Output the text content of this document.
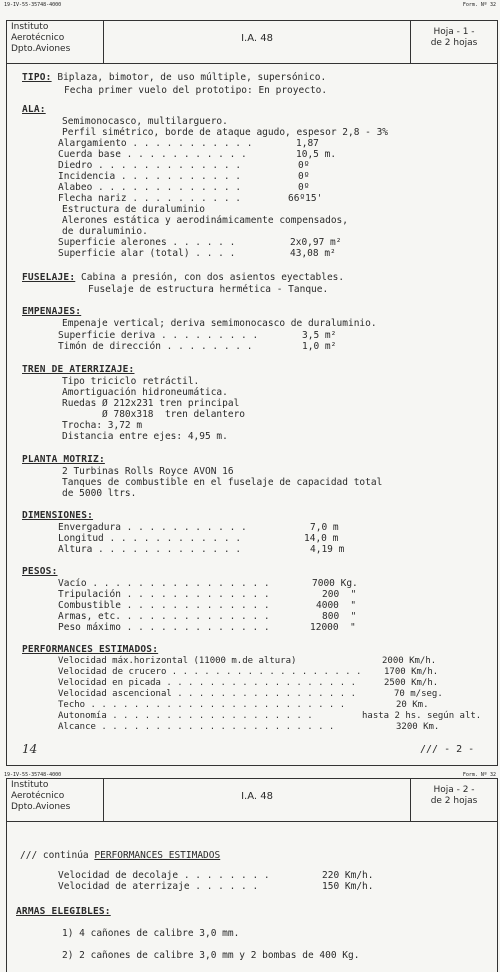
19-IV-55-35748-4000	Form. Nº 32
Instituto
Aerotécnico
Dpto.Aviones
I.A. 48
Hoja - 1 -
de 2 hojas
TIPO: Biplaza, bimotor, de uso múltiple, supersónico.
Fecha primer vuelo del prototipo: En proyecto.
ALA:
Semimonocasco, multilarguero.
Perfil simétrico, borde de ataque agudo, espesor 2,8 - 3%
Alargamiento . . . . . . . . . . .	1,87
Cuerda base . . . . . . . . . . .	10,5 m.
Diedro . . . . . . . . . . . . .	0º
Incidencia . . . . . . . . . . .	0º
Alabeo . . . . . . . . . . . . .	0º
Flecha nariz . . . . . . . . . .	66º15'
Estructura de duraluminio
Alerones estática y aerodinámicamente compensados,
de duraluminio.
Superficie alerones . . . . . .	2x0,97 m²
Superficie alar (total) . . . .	43,08 m²
FUSELAJE: Cabina a presión, con dos asientos eyectables.
Fuselaje de estructura hermética - Tanque.
EMPENAJES:
Empenaje vertical; deriva semimonocasco de duraluminio.
Superficie deriva . . . . . . . . .	3,5 m²
Timón de dirección . . . . . . . .	1,0 m²
TREN DE ATERRIZAJE:
Tipo triciclo retráctil.
Amortiguación hidroneumática.
Ruedas Ø 212x231 tren principal
Ø 780x318  tren delantero
Trocha: 3,72 m
Distancia entre ejes: 4,95 m.
PLANTA MOTRIZ:
2 Turbinas Rolls Royce AVON 16
Tanques de combustible en el fuselaje de capacidad total
de 5000 ltrs.
DIMENSIONES:
Envergadura . . . . . . . . . . .	7,0 m
Longitud . . . . . . . . . . . .	14,0 m
Altura . . . . . . . . . . . . .	4,19 m
PESOS:
Vacío . . . . . . . . . . . . . . . .	7000 Kg.
Tripulación . . . . . . . . . . . . .	200  "
Combustible . . . . . . . . . . . . .	4000  "
Armas, etc. . . . . . . . . . . . . .	800  "
Peso máximo . . . . . . . . . . . . .	12000  "
PERFORMANCES ESTIMADOS:
Velocidad máx.horizontal (11000 m.de altura)	2000 Km/h.
Velocidad de crucero . . . . . . . . . . . . . . . . . .	1700 Km/h.
Velocidad en picada . . . . . . . . . . . . . . . . . .	2500 Km/h.
Velocidad ascencional . . . . . . . . . . . . . . . . .	70 m/seg.
Techo . . . . . . . . . . . . . . . . . . . . . . . .	20 Km.
Autonomía . . . . . . . . . . . . . . . . . . .	hasta 2 hs. según alt.
Alcance . . . . . . . . . . . . . . . . . . . . . .	3200 Km.
14	/// - 2 -
19-IV-55-35748-4000	Form. Nº 32
Instituto
Aerotécnico
Dpto.Aviones
I.A. 48
Hoja - 2 -
de 2 hojas
/// continúa PERFORMANCES ESTIMADOS
Velocidad de decolaje . . . . . . . .	220 Km/h.
Velocidad de aterrizaje . . . . . .	150 Km/h.
ARMAS ELEGIBLES:
1) 4 cañones de calibre 3,0 mm.
2) 2 cañones de calibre 3,0 mm y 2 bombas de 400 Kg.
